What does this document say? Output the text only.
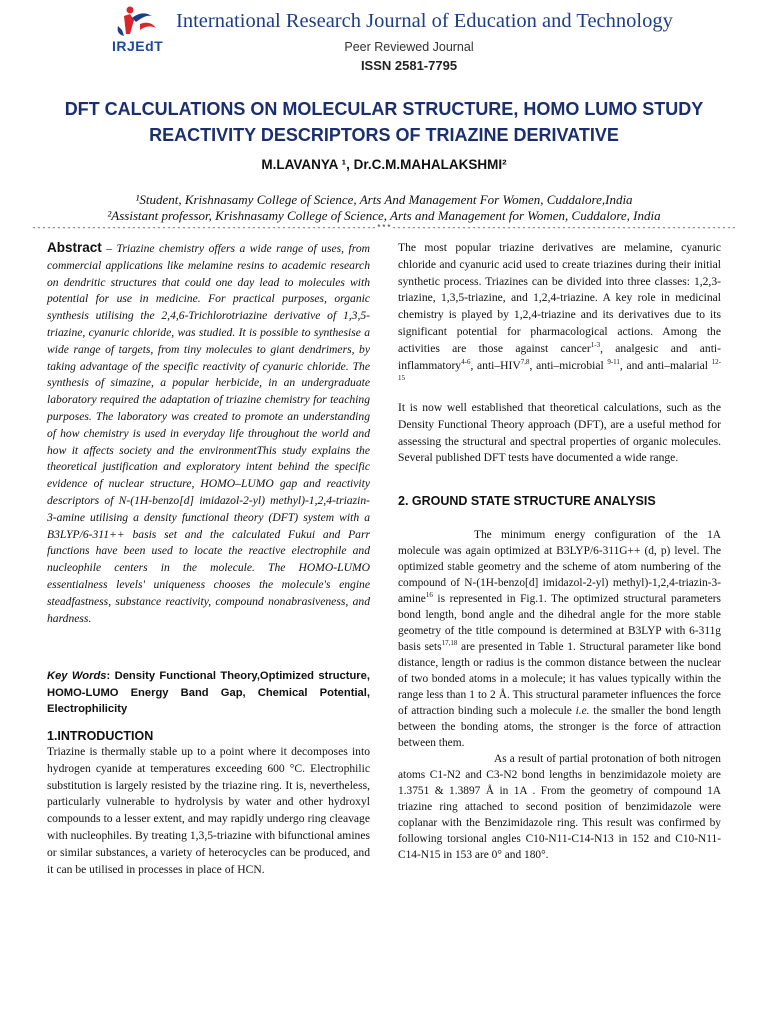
IRJEdT
International Research Journal of Education and Technology
Peer Reviewed Journal
ISSN 2581-7795
DFT CALCULATIONS ON MOLECULAR STRUCTURE, HOMO LUMO STUDY
REACTIVITY DESCRIPTORS OF TRIAZINE DERIVATIVE
M.LAVANYA ¹, Dr.C.M.MAHALAKSHMI²
¹Student, Krishnasamy College of Science, Arts And Management For Women, Cuddalore,India
²Assistant professor, Krishnasamy College of Science, Arts and Management for Women, Cuddalore, India
---------------------------------------------------------------------***---------------------------------------------------------------------
Abstract – Triazine chemistry offers a wide range of uses, from commercial applications like melamine resins to academic research on dendritic structures that could one day lead to molecules with potential for use in medicine. For practical purposes, organic synthesis utilising the 2,4,6-Trichlorotriazine derivative of 1,3,5-triazine, cyanuric chloride, was studied. It is possible to synthesise a wide range of targets, from tiny molecules to giant dendrimers, by taking advantage of the specific reactivity of cyanuric chloride. The synthesis of simazine, a popular herbicide, in an undergraduate laboratory required the adaptation of triazine chemistry for teaching purposes. The laboratory was created to promote an understanding of how chemistry is used in everyday life throughout the world and how it affects society and the environmentThis study explains the theoretical justification and exploratory intent behind the specific evidence of nuclear structure, HOMO–LUMO gap and reactivity descriptors of N-(1H-benzo[d] imidazol-2-yl) methyl)-1,2,4-triazin-3-amine utilising a density functional theory (DFT) system with a B3LYP/6-311++ basis set and the calculated Fukui and Parr functions have been used to locate the reactive electrophile and nucleophile centers in the molecule. The HOMO-LUMO essentialness levels' uniqueness chooses the molecule's engine steadfastness, substance reactivity, compound nonabrasiveness, and hardness.
Key Words: Density Functional Theory,Optimized structure, HOMO-LUMO Energy Band Gap, Chemical Potential, Electrophilicity
1.INTRODUCTION
Triazine is thermally stable up to a point where it decomposes into hydrogen cyanide at temperatures exceeding 600 °C. Electrophilic substitution is largely resisted by the triazine ring. It is, nevertheless, particularly vulnerable to hydrolysis by water and other hydroxyl compounds to a lesser extent, and may rapidly undergo ring cleavage with nucleophiles. By treating 1,3,5-triazine with bifunctional amines or similar substances, a variety of heterocycles can be produced, and it can be utilised in processes in place of HCN.
The most popular triazine derivatives are melamine, cyanuric chloride and cyanuric acid used to create triazines during their initial synthetic process. Triazines can be divided into three classes: 1,2,3-triazine, 1,3,5-triazine, and 1,2,4-triazine. A key role in medicinal chemistry is played by 1,2,4-triazine and its derivatives due to its significant potential for pharmacological actions. Among the activities are those against cancer$^{1-3}$, analgesic and anti-inflammatory$^{4-6}$, anti–HIV$^{7,8}$, anti–microbial $^{9-11}$, and anti–malarial $^{12-15}$
It is now well established that theoretical calculations, such as the Density Functional Theory approach (DFT), are a useful method for assessing the structural and spectral properties of organic molecules. Several published DFT tests have documented a wide range.
2. GROUND STATE STRUCTURE ANALYSIS
The minimum energy configuration of the 1A molecule was again optimized at B3LYP/6-311G++ (d, p) level. The optimized stable geometry and the scheme of atom numbering of the compound of N-(1H-benzo[d] imidazol-2-yl) methyl)-1,2,4-triazin-3-amine$^{16}$ is represented in Fig.1. The optimized structural parameters bond length, bond angle and the dihedral angle for the more stable geometry of the title compound is determined at B3LYP with 6-311g basis sets$^{17,18}$ are presented in Table 1. Structural parameter like bond distance, length or radius is the common distance between the nuclear of two bonded atoms in a molecule; it has values typically within the range less than 1 to 2 Å. This structural parameter influences the force of attraction binding such a molecule i.e. the smaller the bond length between the bonding atoms, the stronger is the force of attraction between them.
As a result of partial protonation of both nitrogen atoms C1-N2 and C3-N2 bond lengths in benzimidazole moiety are 1.3751 & 1.3897 Å in 1A . From the geometry of compound 1A triazine ring attached to second position of benzimidazole were coplanar with the Benzimidazole ring. This result was confirmed by following torsional angles C10-N11-C14-N13 in 152 and C10-N11-C14-N15 in 153 are 0° and 180°.
